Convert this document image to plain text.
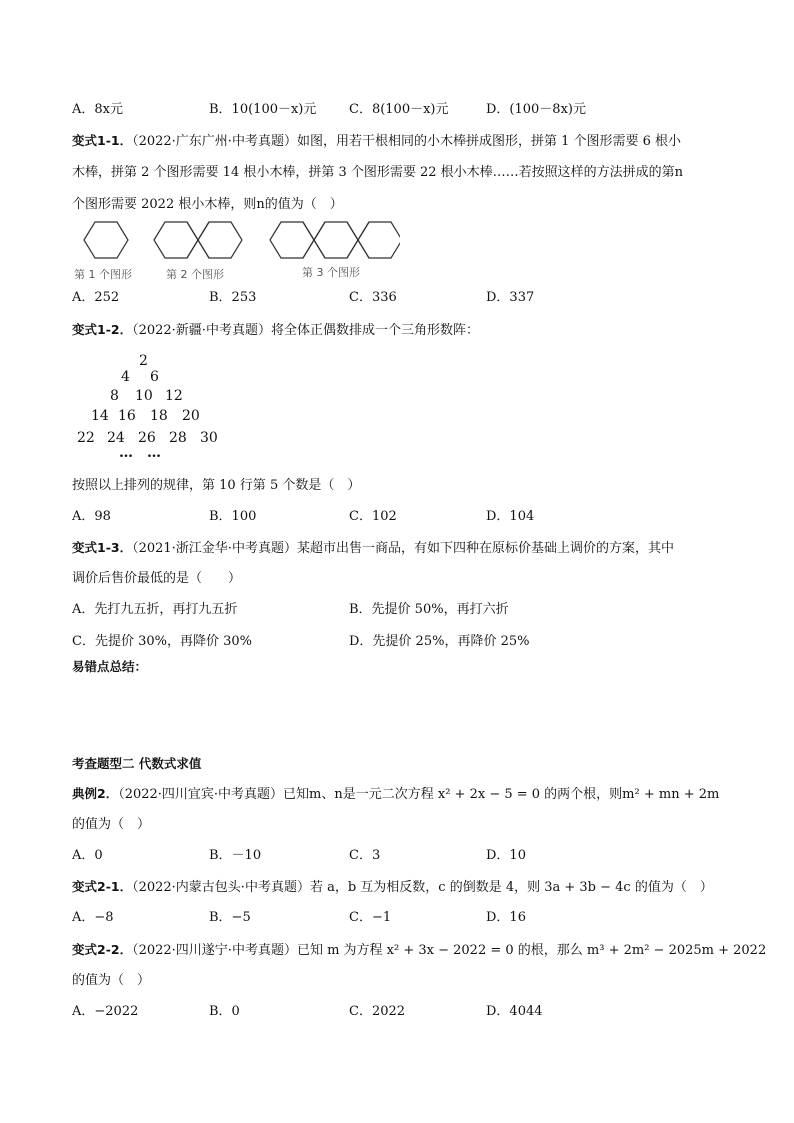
A．8x元	B．10(100－x)元	C．8(100－x)元	D．(100－8x)元
变式1-1．（2022·广东广州·中考真题）如图，用若干根相同的小木棒拼成图形，拼第 1 个图形需要 6 根小
木棒，拼第 2 个图形需要 14 根小木棒，拼第 3 个图形需要 22 根小木棒……若按照这样的方法拼成的第n
个图形需要 2022 根小木棒，则n的值为（　）
第 1 个图形	第 2 个图形	第 3 个图形
A．252	B．253	C．336	D．337
变式1-2．（2022·新疆·中考真题）将全体正偶数排成一个三角形数阵：
2
4 6
8 10 12
14 16 18 20
22 24 26 28 30
…　…
按照以上排列的规律，第 10 行第 5 个数是（　）
A．98	B．100	C．102	D．104
变式1-3．（2021·浙江金华·中考真题）某超市出售一商品，有如下四种在原标价基础上调价的方案，其中
调价后售价最低的是（　　）
A．先打九五折，再打九五折	B．先提价 50%，再打六折
C．先提价 30%，再降价 30%	D．先提价 25%，再降价 25%
易错点总结：
考查题型二 代数式求值
典例2．（2022·四川宜宾·中考真题）已知m、n是一元二次方程 x² + 2x − 5 = 0 的两个根，则m² + mn + 2m
的值为（　）
A．0	B．－10	C．3	D．10
变式2-1．（2022·内蒙古包头·中考真题）若 a，b 互为相反数，c 的倒数是 4，则 3a + 3b − 4c 的值为（　）
A．−8	B．−5	C．−1	D．16
变式2-2．（2022·四川遂宁·中考真题）已知 m 为方程 x² + 3x − 2022 = 0 的根，那么 m³ + 2m² − 2025m + 2022
的值为（　）
A．−2022	B．0	C．2022	D．4044
